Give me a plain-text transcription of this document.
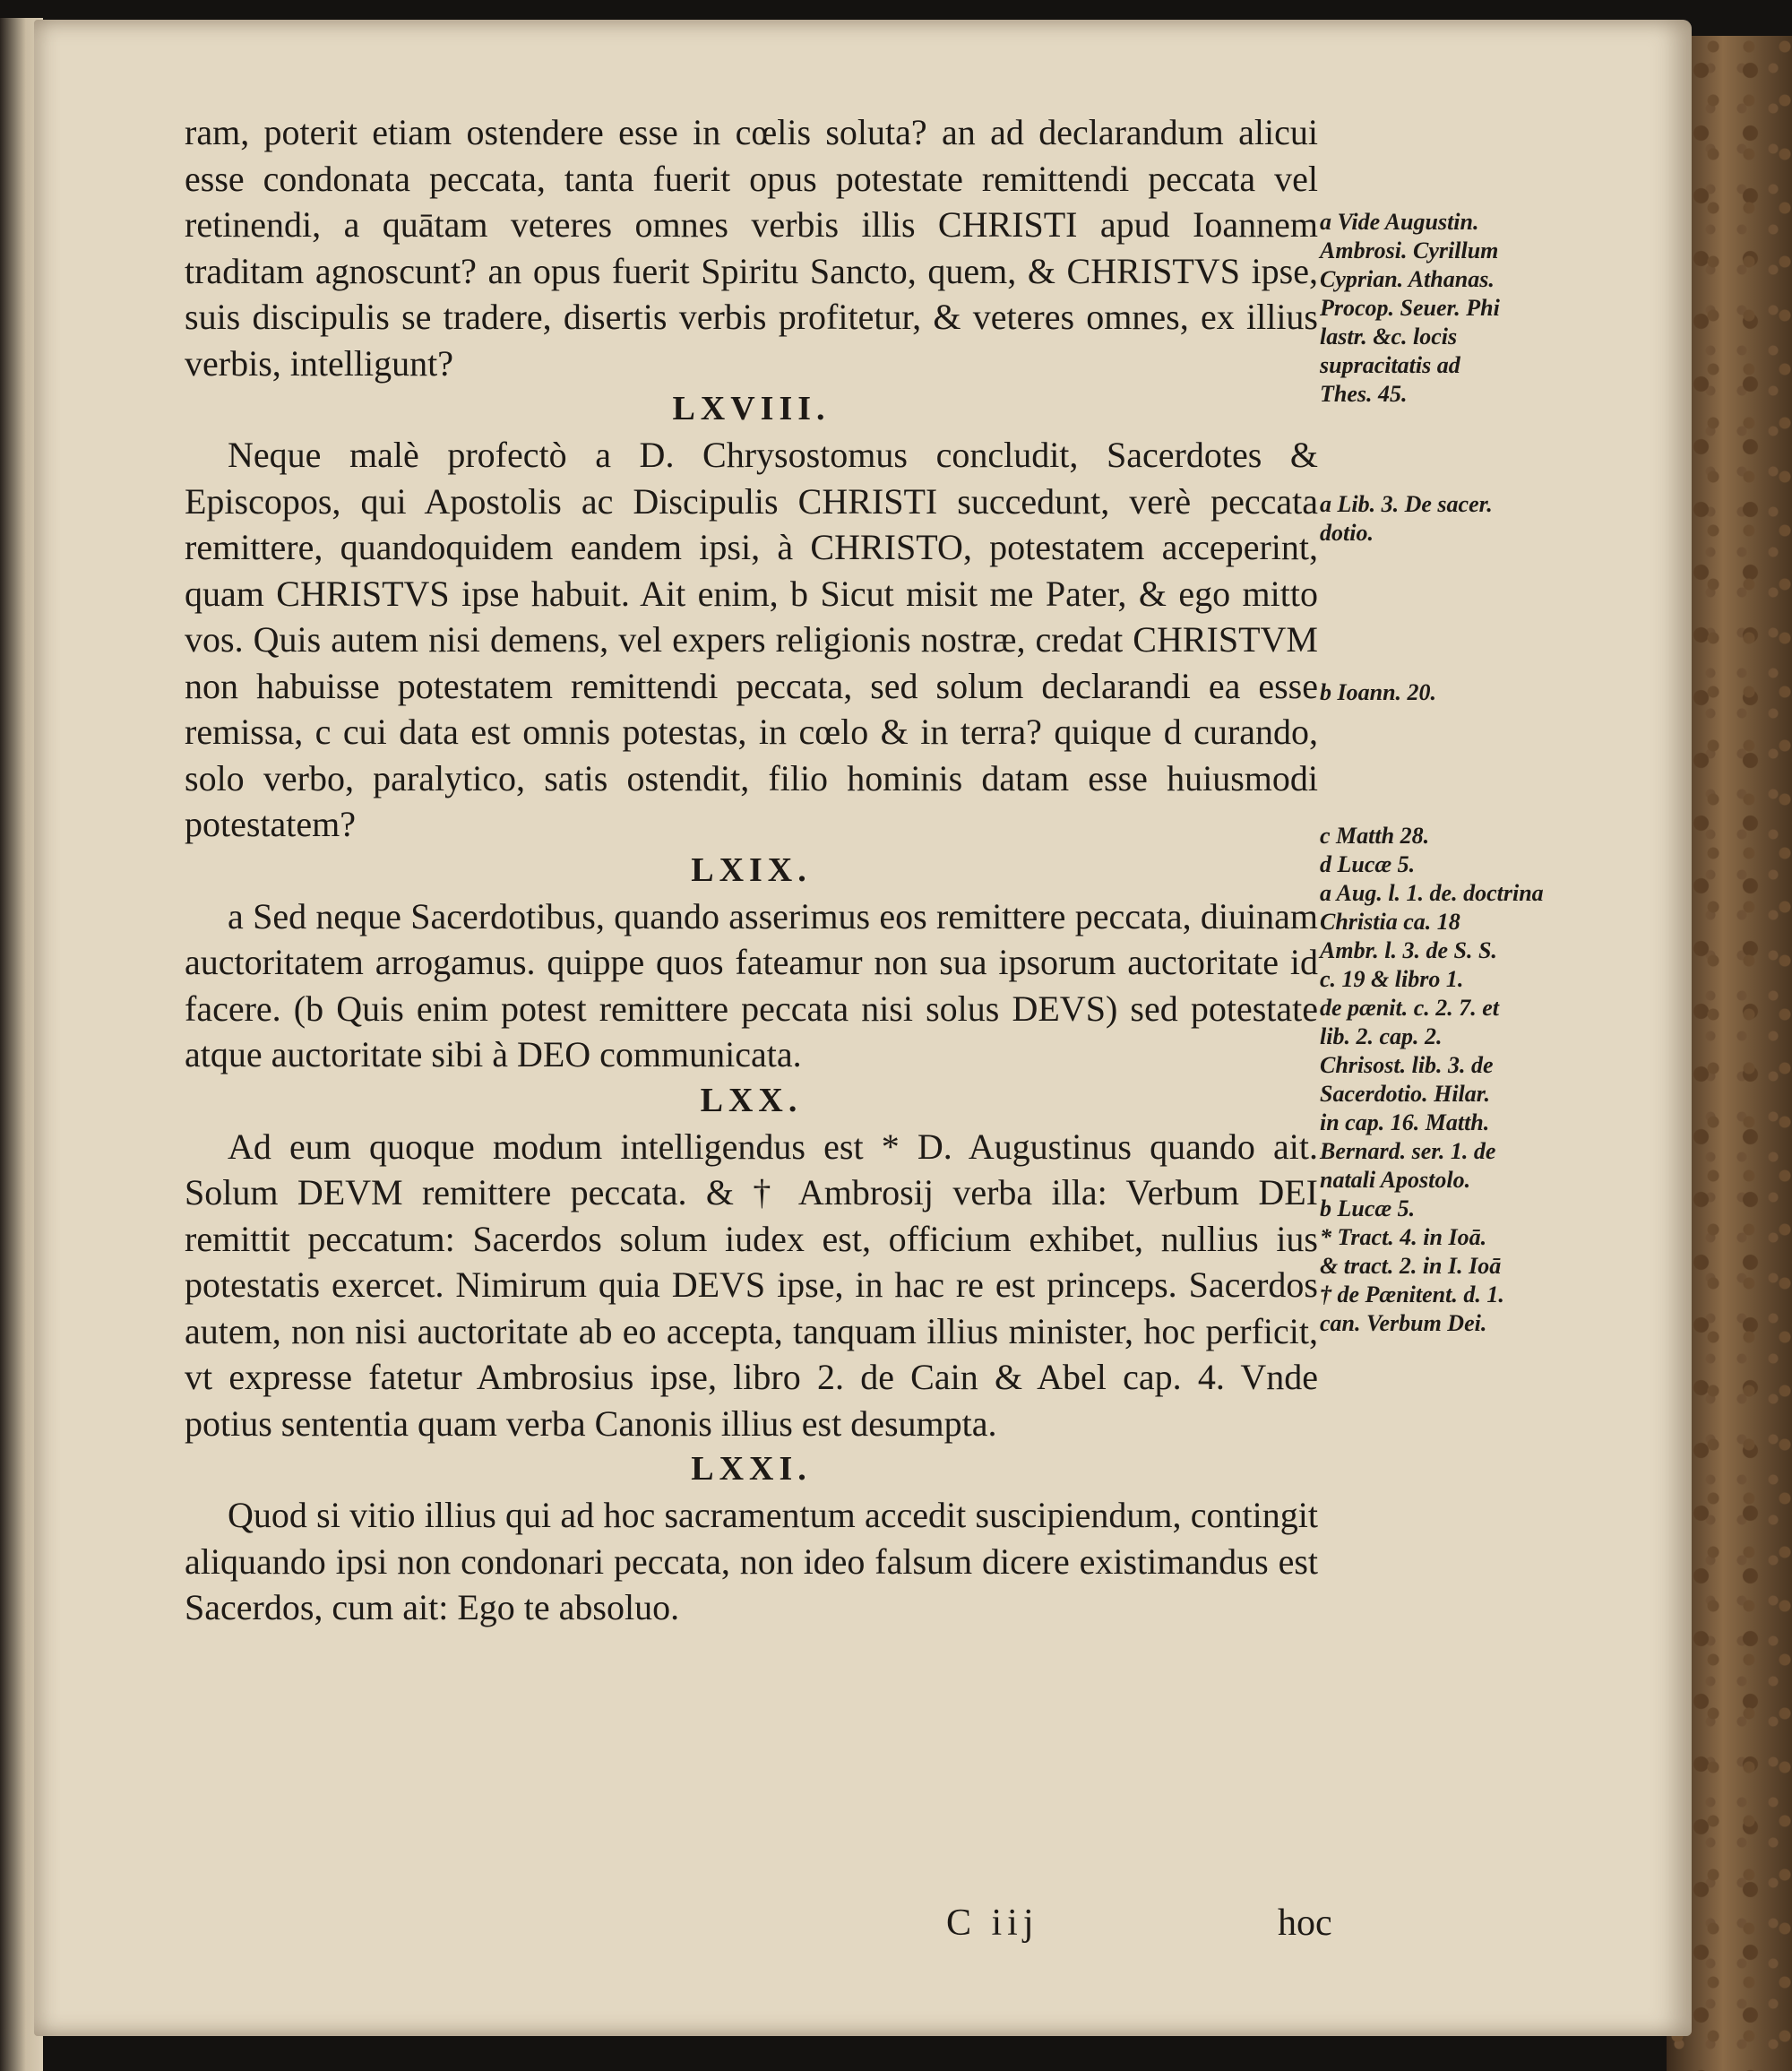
ram, poterit etiam ostendere esse in cœlis soluta? an ad declarandum alicui esse condonata peccata, tanta fuerit opus potestate remittendi peccata vel retinendi, a quātam veteres omnes verbis illis CHRISTI apud Ioannem traditam agnoscunt? an opus fuerit Spiritu Sancto, quem, & CHRISTVS ipse, suis discipulis se tradere, disertis verbis profitetur, & veteres omnes, ex illius verbis, intelligunt?

LXVIII.

Neque malè profectò a D. Chrysostomus concludit, Sacerdotes & Episcopos, qui Apostolis ac Discipulis CHRISTI succedunt, verè peccata remittere, quandoquidem eandem ipsi, à CHRISTO, potestatem acceperint, quam CHRISTVS ipse habuit. Ait enim, b Sicut misit me Pater, & ego mitto vos. Quis autem nisi demens, vel expers religionis nostræ, credat CHRISTVM non habuisse potestatem remittendi peccata, sed solum declarandi ea esse remissa, c cui data est omnis potestas, in cœlo & in terra? quique d curando, solo verbo, paralytico, satis ostendit, filio hominis datam esse huiusmodi potestatem?

LXIX.

a Sed neque Sacerdotibus, quando asserimus eos remittere peccata, diuinam auctoritatem arrogamus. quippe quos fateamur non sua ipsorum auctoritate id facere. (b Quis enim potest remittere peccata nisi solus DEVS) sed potestate atque auctoritate sibi à DEO communicata.

LXX.

Ad eum quoque modum intelligendus est * D. Augustinus quando ait. Solum DEVM remittere peccata. & † Ambrosij verba illa: Verbum DEI remittit peccatum: Sacerdos solum iudex est, officium exhibet, nullius ius potestatis exercet. Nimirum quia DEVS ipse, in hac re est princeps. Sacerdos autem, non nisi auctoritate ab eo accepta, tanquam illius minister, hoc perficit, vt expresse fatetur Ambrosius ipse, libro 2. de Cain & Abel cap. 4. Vnde potius sententia quam verba Canonis illius est desumpta.

LXXI.

Quod si vitio illius qui ad hoc sacramentum accedit suscipiendum, contingit aliquando ipsi non condonari peccata, non ideo falsum dicere existimandus est Sacerdos, cum ait: Ego te absoluo.

a Vide Augustin.
Ambrosi. Cyrillum
Cyprian. Athanas.
Procop. Seuer. Phi
lastr. &c. locis
supracitatis ad
Thes. 45.
a Lib. 3. De sacer.
dotio.
b Ioann. 20.
c Matth 28.
d Lucæ 5.
a Aug. l. 1. de. doctrina Christia ca. 18
Ambr. l. 3. de S. S.
c. 19 & libro 1.
de pænit. c. 2. 7. et
lib. 2. cap. 2.
Chrisost. lib. 3. de
Sacerdotio. Hilar.
in cap. 16. Matth.
Bernard. ser. 1. de
natali Apostolo.
b Lucæ 5.
* Tract. 4. in Ioā.
& tract. 2. in I. Ioā
† de Pænitent. d. 1.
can. Verbum Dei.
C iij	hoc
